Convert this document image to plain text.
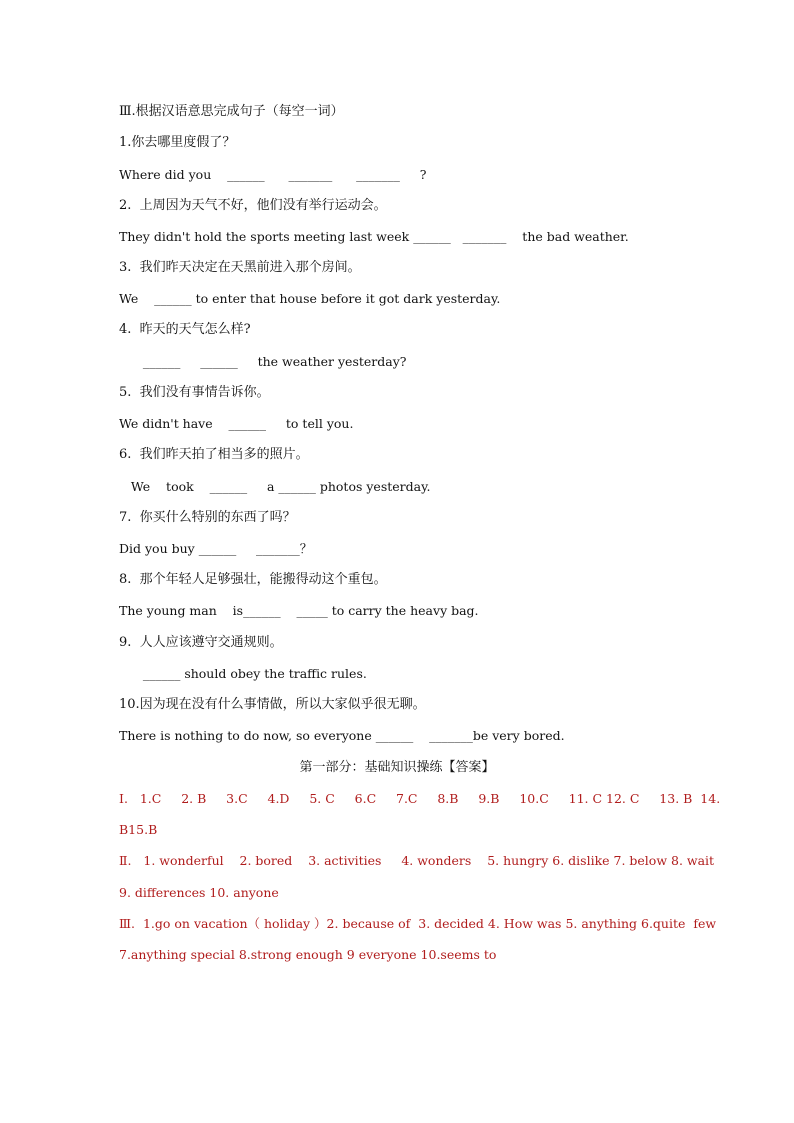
Ⅲ.根据汉语意思完成句子（每空一词）
1.你去哪里度假了？
Where did you    ______      _______      _______     ?
2.  上周因为天气不好，他们没有举行运动会。
They didn't hold the sports meeting last week ______   _______    the bad weather.
3.  我们昨天决定在天黑前进入那个房间。
We    ______ to enter that house before it got dark yesterday.
4.  昨天的天气怎么样?
______     ______     the weather yesterday?
5.  我们没有事情告诉你。
We didn't have    ______     to tell you.
6.  我们昨天拍了相当多的照片。
We    took    ______     a ______ photos yesterday.
7.  你买什么特别的东西了吗？
Did you buy ______     _______？
8.  那个年轻人足够强壮，能搬得动这个重包。
The young man    is______    _____ to carry the heavy bag.
9.  人人应该遵守交通规则。
______ should obey the traffic rules.
10.因为现在没有什么事情做，所以大家似乎很无聊。
There is nothing to do now, so everyone ______    _______be very bored.
第一部分：基础知识操练【答案】
Ⅰ.   1.C     2. B     3.C     4.D     5. C     6.C     7.C     8.B     9.B     10.C     11. C 12. C     13. B  14.
B15.B
Ⅱ.   1. wonderful    2. bored    3. activities     4. wonders    5. hungry 6. dislike 7. below 8. wait
9. differences 10. anyone
Ⅲ.  1.go on vacation（ holiday ）2. because of  3. decided 4. How was 5. anything 6.quite  few
7.anything special 8.strong enough 9 everyone 10.seems to
